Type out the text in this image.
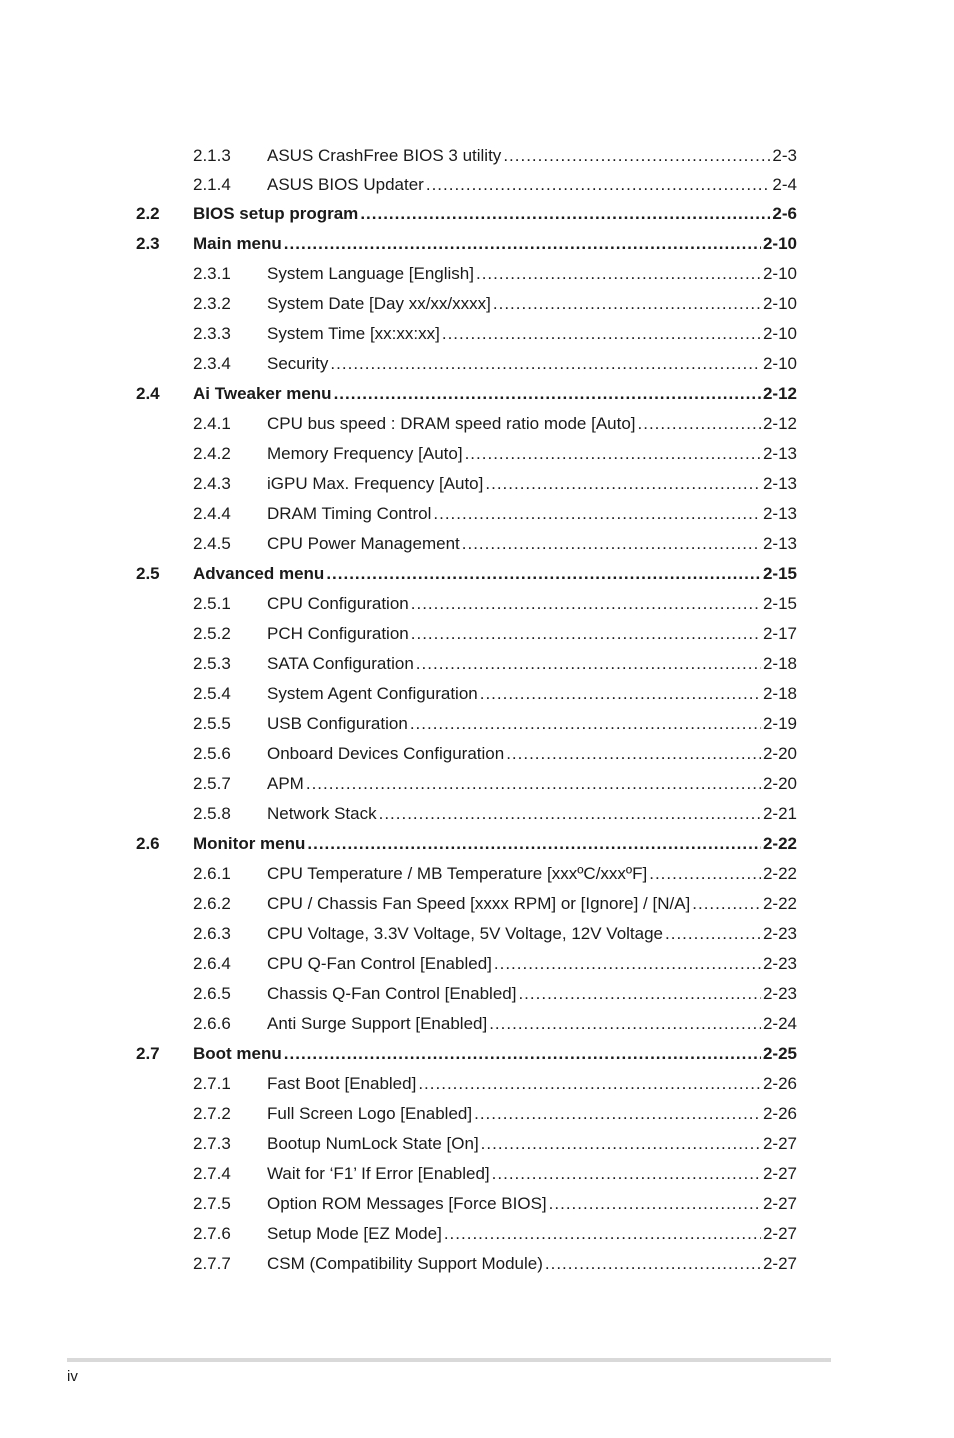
2.1.3 ASUS CrashFree BIOS 3 utility .....	2-3
2.1.4 ASUS BIOS Updater .....	2-4
2.2 BIOS setup program .....	2-6
2.3 Main menu .....	2-10
2.3.1 System Language [English] .....	2-10
2.3.2 System Date [Day xx/xx/xxxx] .....	2-10
2.3.3 System Time [xx:xx:xx] .....	2-10
2.3.4 Security .....	2-10
2.4 Ai Tweaker menu .....	2-12
2.4.1 CPU bus speed : DRAM speed ratio mode [Auto] .....	2-12
2.4.2 Memory Frequency [Auto] .....	2-13
2.4.3 iGPU Max. Frequency [Auto] .....	2-13
2.4.4 DRAM Timing Control .....	2-13
2.4.5 CPU Power Management .....	2-13
2.5 Advanced menu .....	2-15
2.5.1 CPU Configuration .....	2-15
2.5.2 PCH Configuration .....	2-17
2.5.3 SATA Configuration .....	2-18
2.5.4 System Agent Configuration .....	2-18
2.5.5 USB Configuration .....	2-19
2.5.6 Onboard Devices Configuration .....	2-20
2.5.7 APM .....	2-20
2.5.8 Network Stack .....	2-21
2.6 Monitor menu .....	2-22
2.6.1 CPU Temperature / MB Temperature [xxxºC/xxxºF] .....	2-22
2.6.2 CPU / Chassis Fan Speed [xxxx RPM] or [Ignore] / [N/A] .....	2-22
2.6.3 CPU Voltage, 3.3V Voltage, 5V Voltage, 12V Voltage .....	2-23
2.6.4 CPU Q-Fan Control [Enabled] .....	2-23
2.6.5 Chassis Q-Fan Control [Enabled] .....	2-23
2.6.6 Anti Surge Support [Enabled] .....	2-24
2.7 Boot menu .....	2-25
2.7.1 Fast Boot [Enabled] .....	2-26
2.7.2 Full Screen Logo [Enabled] .....	2-26
2.7.3 Bootup NumLock State [On] .....	2-27
2.7.4 Wait for ‘F1’ If Error [Enabled] .....	2-27
2.7.5 Option ROM Messages [Force BIOS] .....	2-27
2.7.6 Setup Mode [EZ Mode] .....	2-27
2.7.7 CSM (Compatibility Support Module) .....	2-27
iv
